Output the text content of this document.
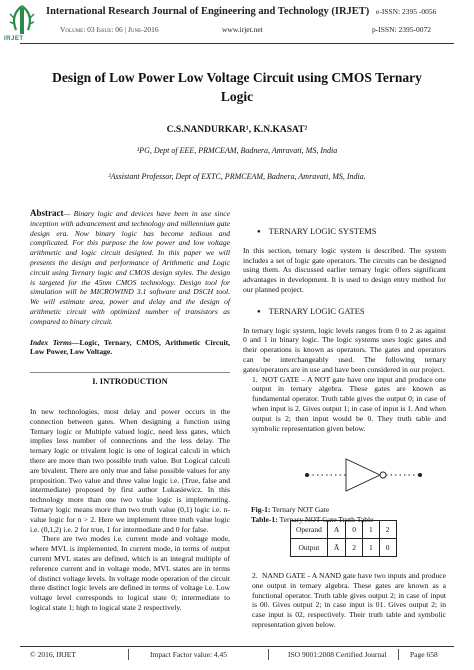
IRJET
International Research Journal of Engineering and Technology (IRJET) e-ISSN: 2395 -0056
Volume: 03 Issue: 06 | June-2016	www.irjet.net	p-ISSN: 2395-0072
Design of Low Power Low Voltage Circuit using CMOS Ternary Logic
C.S.NANDURKAR¹, K.N.KASAT²
¹PG, Dept of EEE, PRMCEAM, Badnera, Amravati, MS, India
²Assistant Professor, Dept of EXTC, PRMCEAM, Badnera, Amravati, MS, India.

Abstract— Binary logic and devices have been in use since inception with advancement and technology and millennium gate design era. Now binary logic has become tedious and complicated. For this purpose the low power and low voltage arithmetic and logic circuit designed. In this paper we will presents the design and performance of Arithmetic and Logic circuit using Ternary logic and CMOS design styles. The design is targeted for the 45nm CMOS technology. Design tool for simulation will be MICROWIND 3.1 software and DSCH tool. We will estimate area, power and delay and the design of arithmetic circuit with optimized number of transistors as compared to binary circuit.

Index Terms—Logic, Ternary, CMOS, Arithmetic Circuit, Low Power, Low Voltage.

I. INTRODUCTION

In new technologies, most delay and power occurs in the connection between gates. When designing a function using Ternary logic or Multiple valued logic, need less gates, which implies less number of connections and the less delay. The ternary logic or trivalent logic is one of logical calculi in which there are more than two possible truth value. But Logical calculi are bivalent. There are only true and false possible values for any proposition. Two value and three value logic i.e. (True, false and intermediate) proposed by first author Lukasiewicz. In this technology more than one two value logic is implementing. Ternary logic means more than two truth value (0,1) logic i.e. n-value logic for n > 2. Here we implement three truth value logic i.e. (0,1,2) i.e. 2 for true, 1 for intermediate and 0 for false.

There are two modes i.e. current mode and voltage mode, where MVL is implemented. In current mode, in terms of output current MVL states are defined, which is an integral multiple of reference current and in voltage mode, MVL states are in terms of distinct voltage levels. In voltage mode operation of the circuit three distinct logic levels are defined in terms of voltage i.e. Low voltage level corresponds to logical state 0; intermediate to logical state 1; high to logical state 2 respectively.

● TERNARY LOGIC SYSTEMS

In this section, ternary logic system is described. The system includes a set of logic gate operators. The circuits can be designed using them. As discussed earlier ternary logic offers significant advantages in development. It is used to design entry method for our planned project.

● TERNARY LOGIC GATES

In ternary logic system, logic levels ranges from 0 to 2 as against 0 and 1 in binary logic. The logic systems uses logic gates and their operations is known as operators. The gates and operators can be interchangeably used. The following ternary gates/operators are in use and have been considered in our project.

1. NOT GATE – A NOT gate have one input and produce one output in ternary algebra. These gates are known as fundamental operator. Truth table gives the output 0; in case of when input is 2. Gives output 1; in case of input is 1. And when output is 2; then input would be 0. They truth table and symbolic representation given below.

Fig-1: Ternary NOT Gate

Table-1: Ternary NOT Gate Truth Table

2. NAND GATE - A NAND gate have two inputs and produce one output in ternary algebra. These gates are known as a functional operator. Truth table gives output 2; in case of input is 00. Gives output 2; in case input is 01. Gives output 2; in case input is 02, respectively. Their truth table and symbolic representation given below.

Operand	A	0	1	2
Output	Ā	2	1	0
© 2016, IRJET	Impact Factor value: 4.45	ISO 9001:2008 Certified Journal	Page 658
